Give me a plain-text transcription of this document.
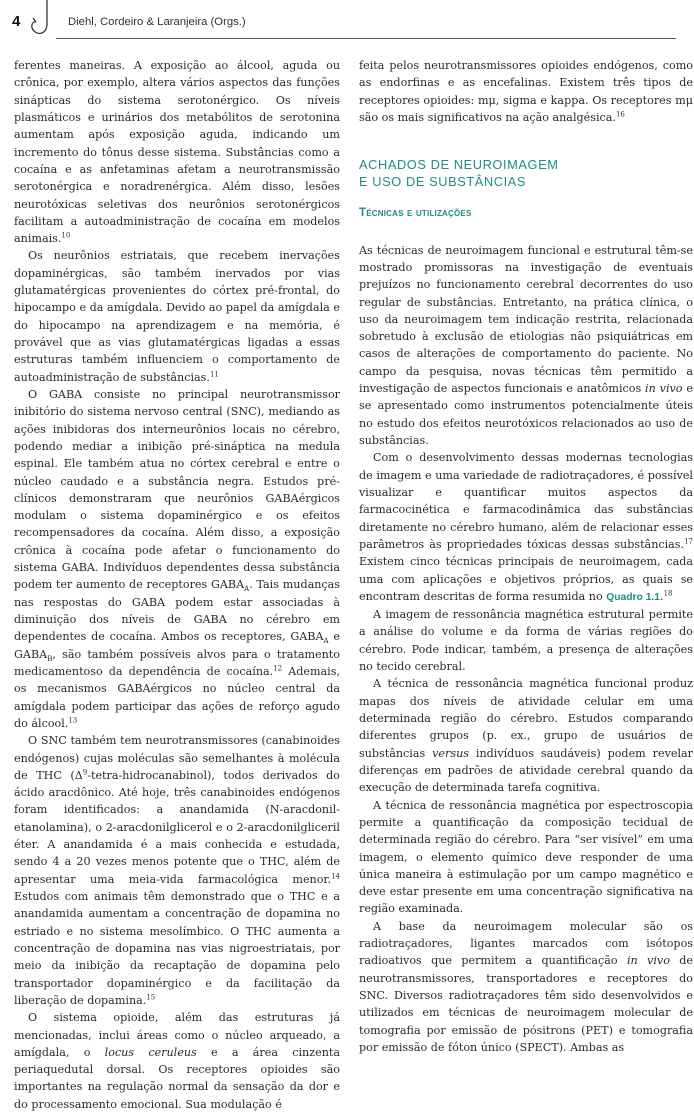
4	Diehl, Cordeiro & Laranjeira (Orgs.)

ferentes maneiras. A exposição ao álcool, aguda ou crônica, por exemplo, altera vários aspectos das funções sinápticas do sistema serotonérgico. Os níveis plasmáticos e urinários dos metabólitos de serotonina aumentam após exposição aguda, indicando um incremento do tônus desse sistema. Substâncias como a cocaína e as anfetaminas afetam a neurotransmissão serotonérgica e noradrenérgica. Além disso, lesões neurotóxicas seletivas dos neurônios serotonérgicos facilitam a autoadministração de cocaína em modelos animais.$^{10}$

Os neurônios estriatais, que recebem inervações dopaminérgicas, são também inervados por vias glutamatérgicas provenientes do córtex pré-frontal, do hipocampo e da amígdala. Devido ao papel da amígdala e do hipocampo na aprendizagem e na memória, é provável que as vias glutamatérgicas ligadas a essas estruturas também influenciem o comportamento de autoadministração de substâncias.$^{11}$

O GABA consiste no principal neurotransmissor inibitório do sistema nervoso central (SNC), mediando as ações inibidoras dos interneurônios locais no cérebro, podendo mediar a inibição pré-sináptica na medula espinal. Ele também atua no córtex cerebral e entre o núcleo caudado e a substância negra. Estudos pré-clínicos demonstraram que neurônios GABAérgicos modulam o sistema dopaminérgico e os efeitos recompensadores da cocaína. Além disso, a exposição crônica à cocaína pode afetar o funcionamento do sistema GABA. Indivíduos dependentes dessa substância podem ter aumento de receptores $GABA_A$. Tais mudanças nas respostas do GABA podem estar associadas à diminuição dos níveis de GABA no cérebro em dependentes de cocaína. Ambos os receptores, $GABA_A$ e $GABA_B$, são também possíveis alvos para o tratamento medicamentoso da dependência de cocaína.$^{12}$ Ademais, os mecanismos GABAérgicos no núcleo central da amígdala podem participar das ações de reforço agudo do álcool.$^{13}$

O SNC também tem neurotransmissores (canabinoides endógenos) cujas moléculas são semelhantes à molécula de THC $(\Delta^9-tetra-hidrocanabinol)$, todos derivados do ácido aracdônico. Até hoje, três canabinoides endógenos foram identificados: a anandamida (N-aracdonil-etanolamina), o 2-aracdonilglicerol e o 2-aracdonilgliceril éter. A anandamida é a mais conhecida e estudada, sendo 4 a 20 vezes menos potente que o THC, além de apresentar uma meia-vida farmacológica menor.$^{14}$ Estudos com animais têm demonstrado que o THC e a anandamida aumentam a concentração de dopamina no estriado e no sistema mesolímbico. O THC aumenta a concentração de dopamina nas vias nigroestriatais, por meio da inibição da recaptação de dopamina pelo transportador dopaminérgico e da facilitação da liberação de dopamina.$^{15}$

O sistema opioide, além das estruturas já mencionadas, inclui áreas como o núcleo arqueado, a amígdala, o locus ceruleus e a área cinzenta periaquedutal dorsal. Os receptores opioides são importantes na regulação normal da sensação da dor e do processamento emocional. Sua modulação é

feita pelos neurotransmissores opioides endógenos, como as endorfinas e as encefalinas. Existem três tipos de receptores opioides: mμ, sigma e kappa. Os receptores mμ são os mais significativos na ação analgésica.$^{16}$

ACHADOS DE NEUROIMAGEM
E USO DE SUBSTÂNCIAS
Técnicas e utilizações

As técnicas de neuroimagem funcional e estrutural têm-se mostrado promissoras na investigação de eventuais prejuízos no funcionamento cerebral decorrentes do uso regular de substâncias. Entretanto, na prática clínica, o uso da neuroimagem tem indicação restrita, relacionada sobretudo à exclusão de etiologias não psiquiátricas em casos de alterações de comportamento do paciente. No campo da pesquisa, novas técnicas têm permitido a investigação de aspectos funcionais e anatômicos in vivo e se apresentado como instrumentos potencialmente úteis no estudo dos efeitos neurotóxicos relacionados ao uso de substâncias.

Com o desenvolvimento dessas modernas tecnologias de imagem e uma variedade de radiotraçadores, é possível visualizar e quantificar muitos aspectos da farmacocinética e farmacodinâmica das substâncias diretamente no cérebro humano, além de relacionar esses parâmetros às propriedades tóxicas dessas substâncias.$^{17}$ Existem cinco técnicas principais de neuroimagem, cada uma com aplicações e objetivos próprios, as quais se encontram descritas de forma resumida no Quadro 1.1.18

A imagem de ressonância magnética estrutural permite a análise do volume e da forma de várias regiões do cérebro. Pode indicar, também, a presença de alterações no tecido cerebral.

A técnica de ressonância magnética funcional produz mapas dos níveis de atividade celular em uma determinada região do cérebro. Estudos comparando diferentes grupos (p. ex., grupo de usuários de substâncias versus indivíduos saudáveis) podem revelar diferenças em padrões de atividade cerebral quando da execução de determinada tarefa cognitiva.

A técnica de ressonância magnética por espectroscopia permite a quantificação da composição tecidual de determinada região do cérebro. Para “ser visível” em uma imagem, o elemento químico deve responder de uma única maneira à estimulação por um campo magnético e deve estar presente em uma concentração significativa na região examinada.

A base da neuroimagem molecular são os radiotraçadores, ligantes marcados com isótopos radioativos que permitem a quantificação in vivo de neurotransmissores, transportadores e receptores do SNC. Diversos radiotraçadores têm sido desenvolvidos e utilizados em técnicas de neuroimagem molecular de tomografia por emissão de pósitrons (PET) e tomografia por emissão de fóton único (SPECT). Ambas as
